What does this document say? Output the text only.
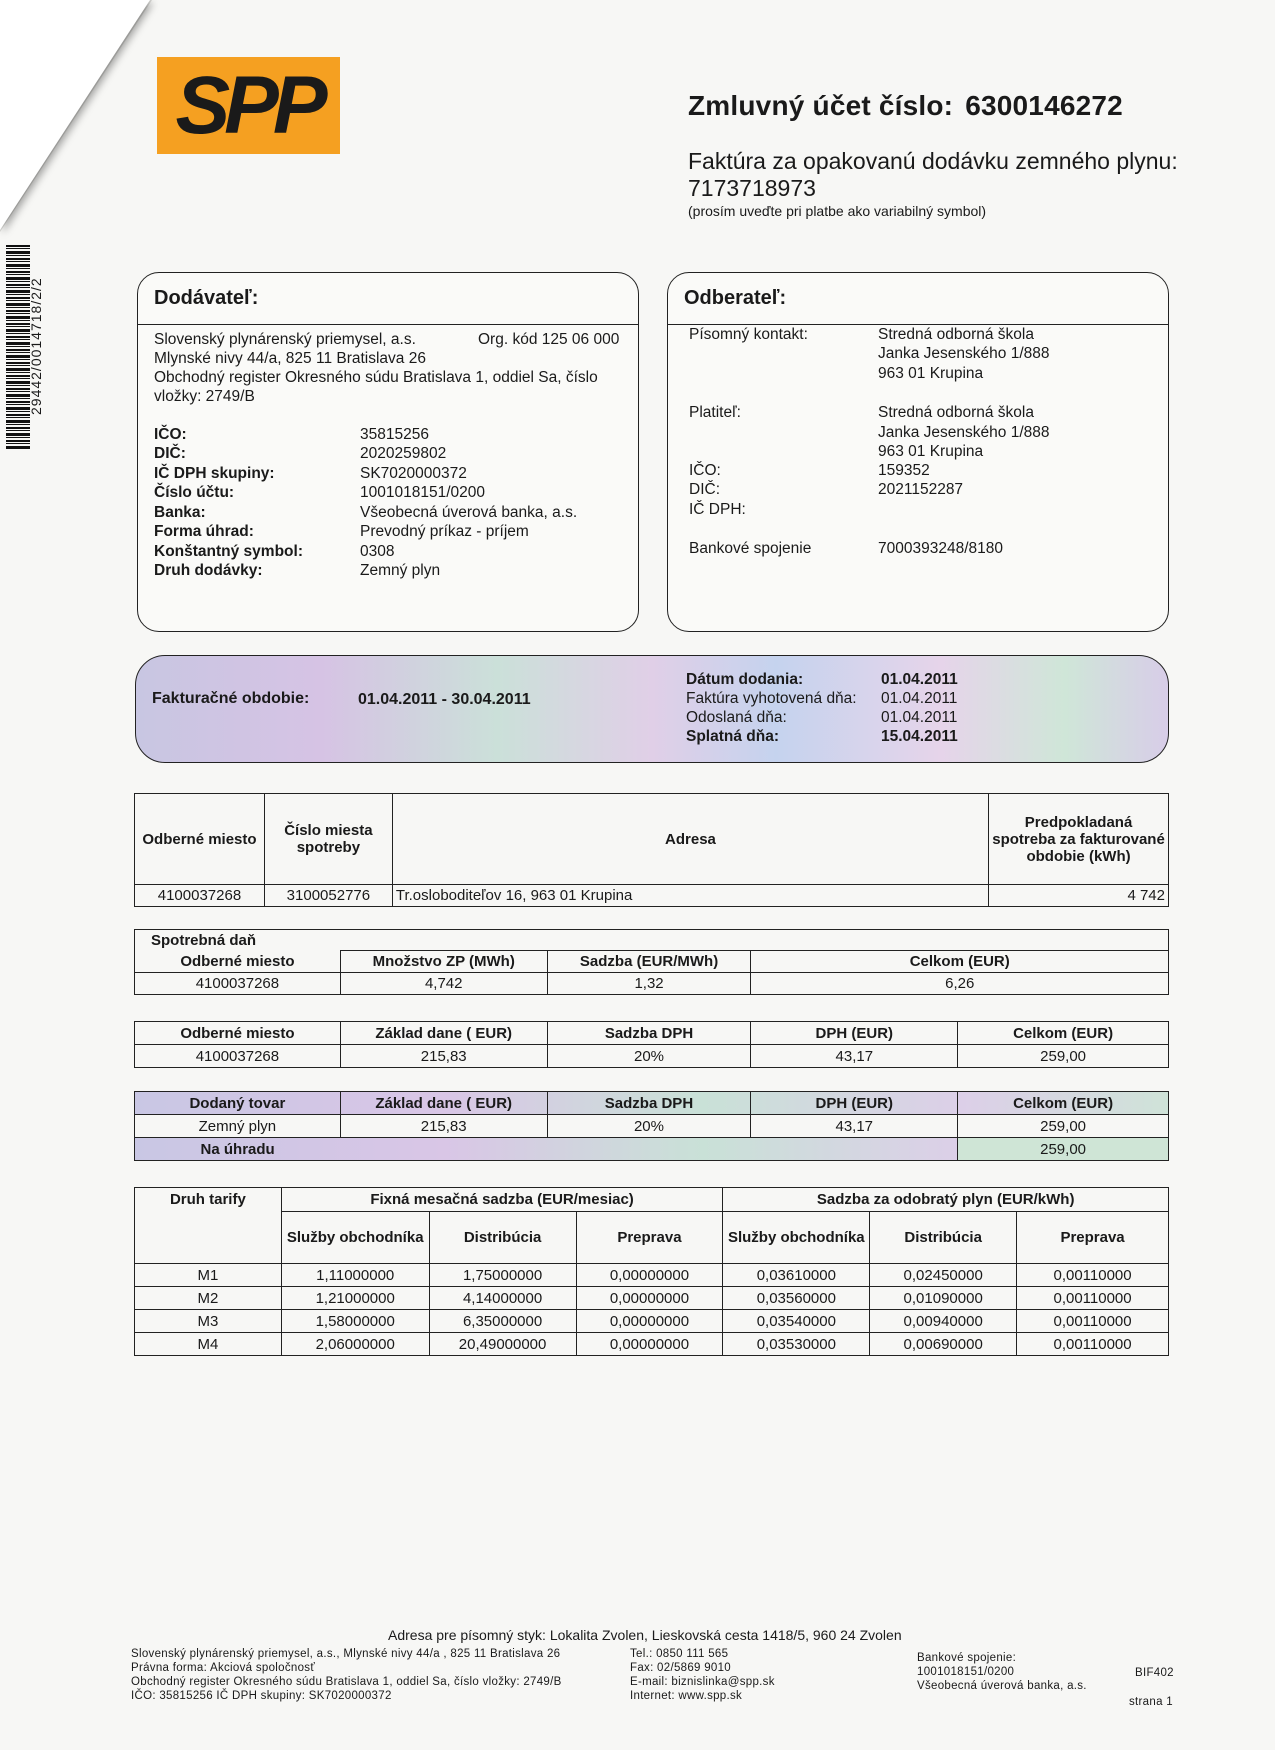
29442/0014718/2/2
SPP	Zmluvný účet číslo: 6300146272
Faktúra za opakovanú dodávku zemného plynu:
7173718973
(prosím uveďte pri platbe ako variabilný symbol)
Dodávateľ:
Slovenský plynárenský priemysel, a.s.	Org. kód 125 06 000
Mlynské nivy 44/a, 825 11 Bratislava 26
Obchodný register Okresného súdu Bratislava 1, oddiel Sa, číslo
vložky: 2749/B
IČO:	35815256
DIČ:	2020259802
IČ DPH skupiny:	SK7020000372
Číslo účtu:	1001018151/0200
Banka:	Všeobecná úverová banka, a.s.
Forma úhrad:	Prevodný príkaz - príjem
Konštantný symbol:	0308
Druh dodávky:	Zemný plyn
Odberateľ:
Písomný kontakt:	Stredná odborná škola
Janka Jesenského 1/888
963 01 Krupina
Platiteľ:	Stredná odborná škola
Janka Jesenského 1/888
963 01 Krupina
IČO:	159352
DIČ:	2021152287
IČ DPH:
Bankové spojenie	7000393248/8180
Fakturačné obdobie:	01.04.2011 - 30.04.2011
Dátum dodania:	01.04.2011
Faktúra vyhotovená dňa: 01.04.2011
Odoslaná dňa:	01.04.2011
Splatná dňa:	15.04.2011
Odberné miesto	Číslo miesta spotreby	Adresa	Predpokladaná spotreba za fakturované obdobie (kWh)
4100037268	3100052776	Tr.osloboditeľov 16, 963 01 Krupina	4 742
Spotrebná daň			
Odberné miesto	Množstvo ZP (MWh)	Sadzba (EUR/MWh)	Celkom (EUR)
4100037268	4,742	1,32	6,26
Odberné miesto	Základ dane ( EUR)	Sadzba DPH	DPH (EUR)	Celkom (EUR)
4100037268	215,83	20%	43,17	259,00
Dodaný tovar	Základ dane ( EUR)	Sadzba DPH	DPH (EUR)	Celkom (EUR)
Zemný plyn	215,83	20%	43,17	259,00
Na úhradu				259,00
Druh tarify	Fixná mesačná sadzba (EUR/mesiac)			Sadzba za odobratý plyn (EUR/kWh)		
	Služby obchodníka	Distribúcia	Preprava	Služby obchodníka	Distribúcia	Preprava
M1	1,11000000	1,75000000	0,00000000	0,03610000	0,02450000	0,00110000
M2	1,21000000	4,14000000	0,00000000	0,03560000	0,01090000	0,00110000
M3	1,58000000	6,35000000	0,00000000	0,03540000	0,00940000	0,00110000
M4	2,06000000	20,49000000	0,00000000	0,03530000	0,00690000	0,00110000
Adresa pre písomný styk: Lokalita Zvolen, Lieskovská cesta 1418/5, 960 24 Zvolen
Slovenský plynárenský priemysel, a.s., Mlynské nivy 44/a , 825 11 Bratislava 26
Právna forma: Akciová spoločnosť
Obchodný register Okresného súdu Bratislava 1, oddiel Sa, číslo vložky: 2749/B
IČO: 35815256 IČ DPH skupiny: SK7020000372
Tel.: 0850 111 565
Fax: 02/5869 9010
E-mail: biznislinka@spp.sk
Internet: www.spp.sk
Bankové spojenie:
1001018151/0200
Všeobecná úverová banka, a.s.
BIF402
strana 1
